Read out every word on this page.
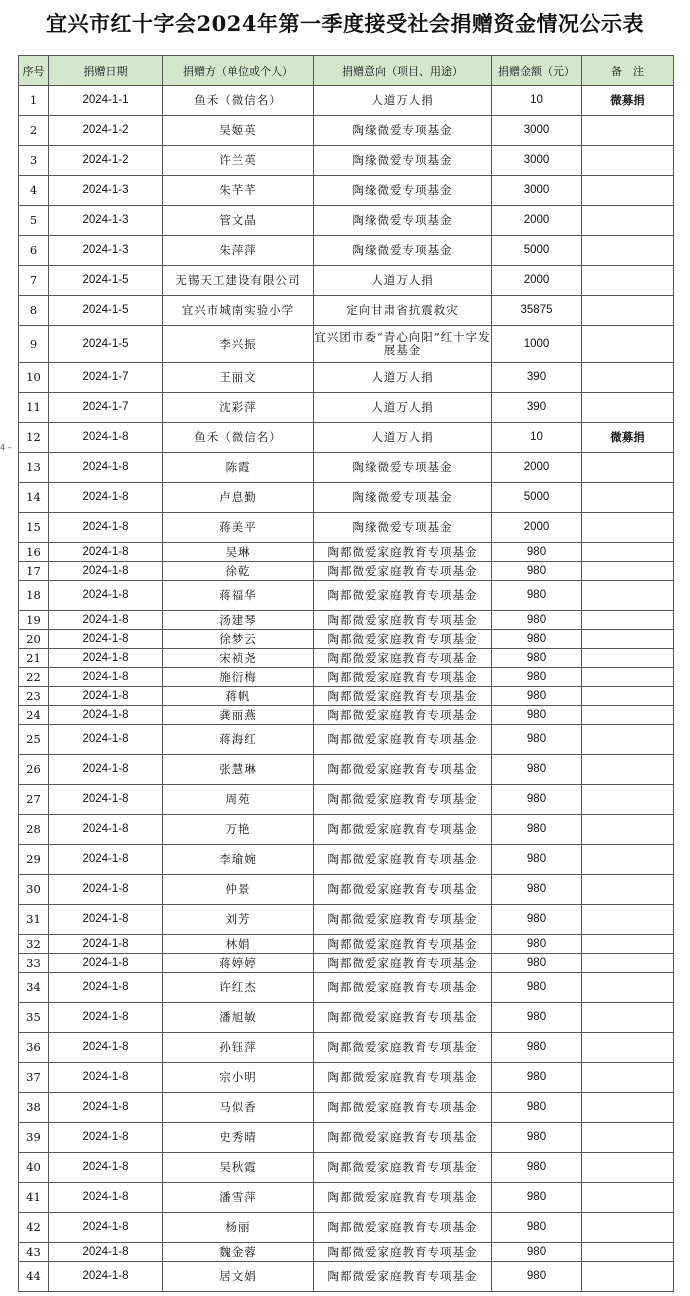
宜兴市红十字会2024年第一季度接受社会捐赠资金情况公示表
4 –
序号	捐赠日期	捐赠方（单位或个人）	捐赠意向（项目、用途）	捐赠金额（元）	备　注
1	2024-1-1	鱼禾（微信名）	人道万人捐	10	微募捐
2	2024-1-2	吴姬英	陶缘微爱专项基金	3000	
3	2024-1-2	许兰英	陶缘微爱专项基金	3000	
4	2024-1-3	朱芊芊	陶缘微爱专项基金	3000	
5	2024-1-3	管文晶	陶缘微爱专项基金	2000	
6	2024-1-3	朱萍萍	陶缘微爱专项基金	5000	
7	2024-1-5	无锡天工建设有限公司	人道万人捐	2000	
8	2024-1-5	宜兴市城南实验小学	定向甘肃省抗震救灾	35875	
9	2024-1-5	李兴振	宜兴团市委“青心向阳”红十字发展基金	1000	
10	2024-1-7	王丽文	人道万人捐	390	
11	2024-1-7	沈彩萍	人道万人捐	390	
12	2024-1-8	鱼禾（微信名）	人道万人捐	10	微募捐
13	2024-1-8	陈霞	陶缘微爱专项基金	2000	
14	2024-1-8	卢息勤	陶缘微爱专项基金	5000	
15	2024-1-8	蒋美平	陶缘微爱专项基金	2000	
16	2024-1-8	吴琳	陶都微爱家庭教育专项基金	980	
17	2024-1-8	徐乾	陶都微爱家庭教育专项基金	980	
18	2024-1-8	蒋福华	陶都微爱家庭教育专项基金	980	
19	2024-1-8	汤建琴	陶都微爱家庭教育专项基金	980	
20	2024-1-8	徐梦云	陶都微爱家庭教育专项基金	980	
21	2024-1-8	宋祯尧	陶都微爱家庭教育专项基金	980	
22	2024-1-8	施衍梅	陶都微爱家庭教育专项基金	980	
23	2024-1-8	蒋帆	陶都微爱家庭教育专项基金	980	
24	2024-1-8	龚丽燕	陶都微爱家庭教育专项基金	980	
25	2024-1-8	蒋海红	陶都微爱家庭教育专项基金	980	
26	2024-1-8	张慧琳	陶都微爱家庭教育专项基金	980	
27	2024-1-8	周苑	陶都微爱家庭教育专项基金	980	
28	2024-1-8	万艳	陶都微爱家庭教育专项基金	980	
29	2024-1-8	李瑜婉	陶都微爱家庭教育专项基金	980	
30	2024-1-8	仲景	陶都微爱家庭教育专项基金	980	
31	2024-1-8	刘芳	陶都微爱家庭教育专项基金	980	
32	2024-1-8	林娟	陶都微爱家庭教育专项基金	980	
33	2024-1-8	蒋婷婷	陶都微爱家庭教育专项基金	980	
34	2024-1-8	许红杰	陶都微爱家庭教育专项基金	980	
35	2024-1-8	潘旭敏	陶都微爱家庭教育专项基金	980	
36	2024-1-8	孙钰萍	陶都微爱家庭教育专项基金	980	
37	2024-1-8	宗小明	陶都微爱家庭教育专项基金	980	
38	2024-1-8	马似香	陶都微爱家庭教育专项基金	980	
39	2024-1-8	史秀晴	陶都微爱家庭教育专项基金	980	
40	2024-1-8	吴秋霞	陶都微爱家庭教育专项基金	980	
41	2024-1-8	潘雪萍	陶都微爱家庭教育专项基金	980	
42	2024-1-8	杨丽	陶都微爱家庭教育专项基金	980	
43	2024-1-8	魏金蓉	陶都微爱家庭教育专项基金	980	
44	2024-1-8	居文娟	陶都微爱家庭教育专项基金	980	
